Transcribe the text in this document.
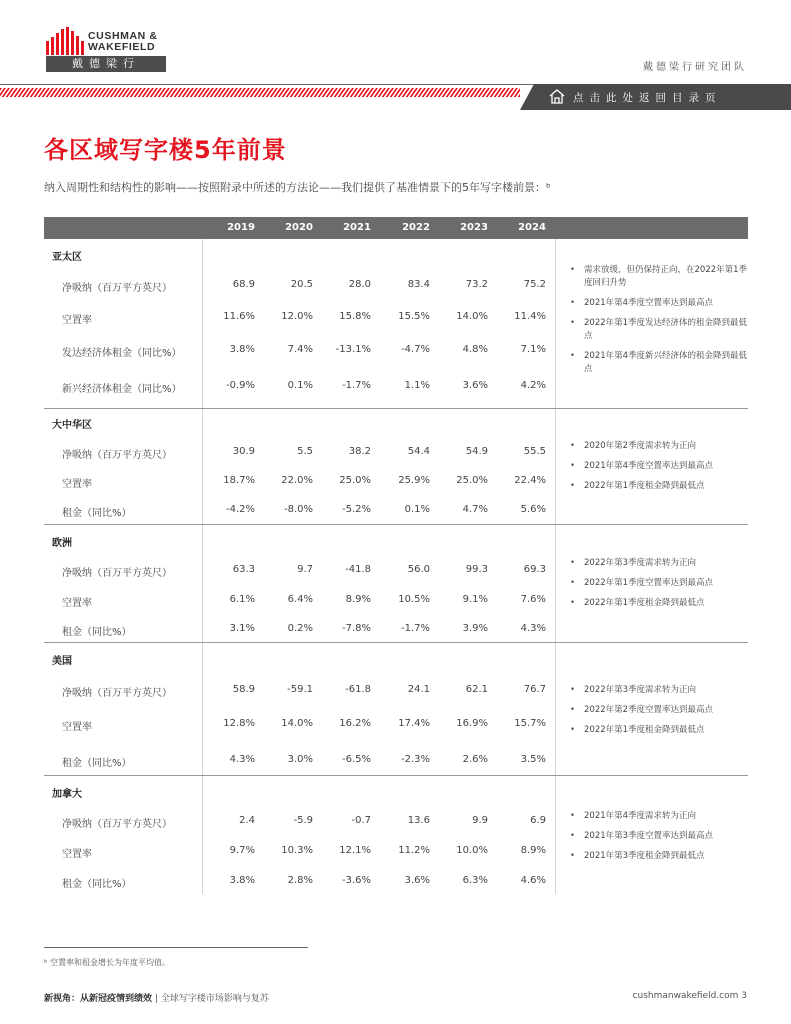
CUSHMAN &
WAKEFIELD
戴德梁行	戴德梁行研究团队
点击此处返回目录页
各区域写字楼5年前景

纳入周期性和结构性的影响——按照附录中所述的方法论——我们提供了基准情景下的5年写字楼前景：ᵇ

2019	2020	2021	2022	2023	2024
亚太区
净吸纳（百万平方英尺）	68.9	20.5	28.0	83.4	73.2	75.2
空置率	11.6%	12.0%	15.8%	15.5%	14.0%	11.4%
发达经济体租金（同比%）	3.8%	7.4%	-13.1%	-4.7%	4.8%	7.1%
新兴经济体租金（同比%）	-0.9%	0.1%	-1.7%	1.1%	3.6%	4.2%
• 需求放缓，但仍保持正向，在2022年第1季度回归升势
• 2021年第4季度空置率达到最高点
• 2022年第1季度发达经济体的租金降到最低点
• 2021年第4季度新兴经济体的租金降到最低点
大中华区
净吸纳（百万平方英尺）	30.9	5.5	38.2	54.4	54.9	55.5
空置率	18.7%	22.0%	25.0%	25.9%	25.0%	22.4%
租金（同比%）	-4.2%	-8.0%	-5.2%	0.1%	4.7%	5.6%
• 2020年第2季度需求转为正向
• 2021年第4季度空置率达到最高点
• 2022年第1季度租金降到最低点
欧洲
净吸纳（百万平方英尺）	63.3	9.7	-41.8	56.0	99.3	69.3
空置率	6.1%	6.4%	8.9%	10.5%	9.1%	7.6%
租金（同比%）	3.1%	0.2%	-7.8%	-1.7%	3.9%	4.3%
• 2022年第3季度需求转为正向
• 2022年第1季度空置率达到最高点
• 2022年第1季度租金降到最低点
美国
净吸纳（百万平方英尺）	58.9	-59.1	-61.8	24.1	62.1	76.7
空置率	12.8%	14.0%	16.2%	17.4%	16.9%	15.7%
租金（同比%）	4.3%	3.0%	-6.5%	-2.3%	2.6%	3.5%
• 2022年第3季度需求转为正向
• 2022年第2季度空置率达到最高点
• 2022年第1季度租金降到最低点
加拿大
净吸纳（百万平方英尺）	2.4	-5.9	-0.7	13.6	9.9	6.9
空置率	9.7%	10.3%	12.1%	11.2%	10.0%	8.9%
租金（同比%）	3.8%	2.8%	-3.6%	3.6%	6.3%	4.6%
• 2021年第4季度需求转为正向
• 2021年第3季度空置率达到最高点
• 2021年第3季度租金降到最低点
ᵇ 空置率和租金增长为年度平均值。
新视角：从新冠疫情到绩效 | 全球写字楼市场影响与复苏	cushmanwakefield.com 3
